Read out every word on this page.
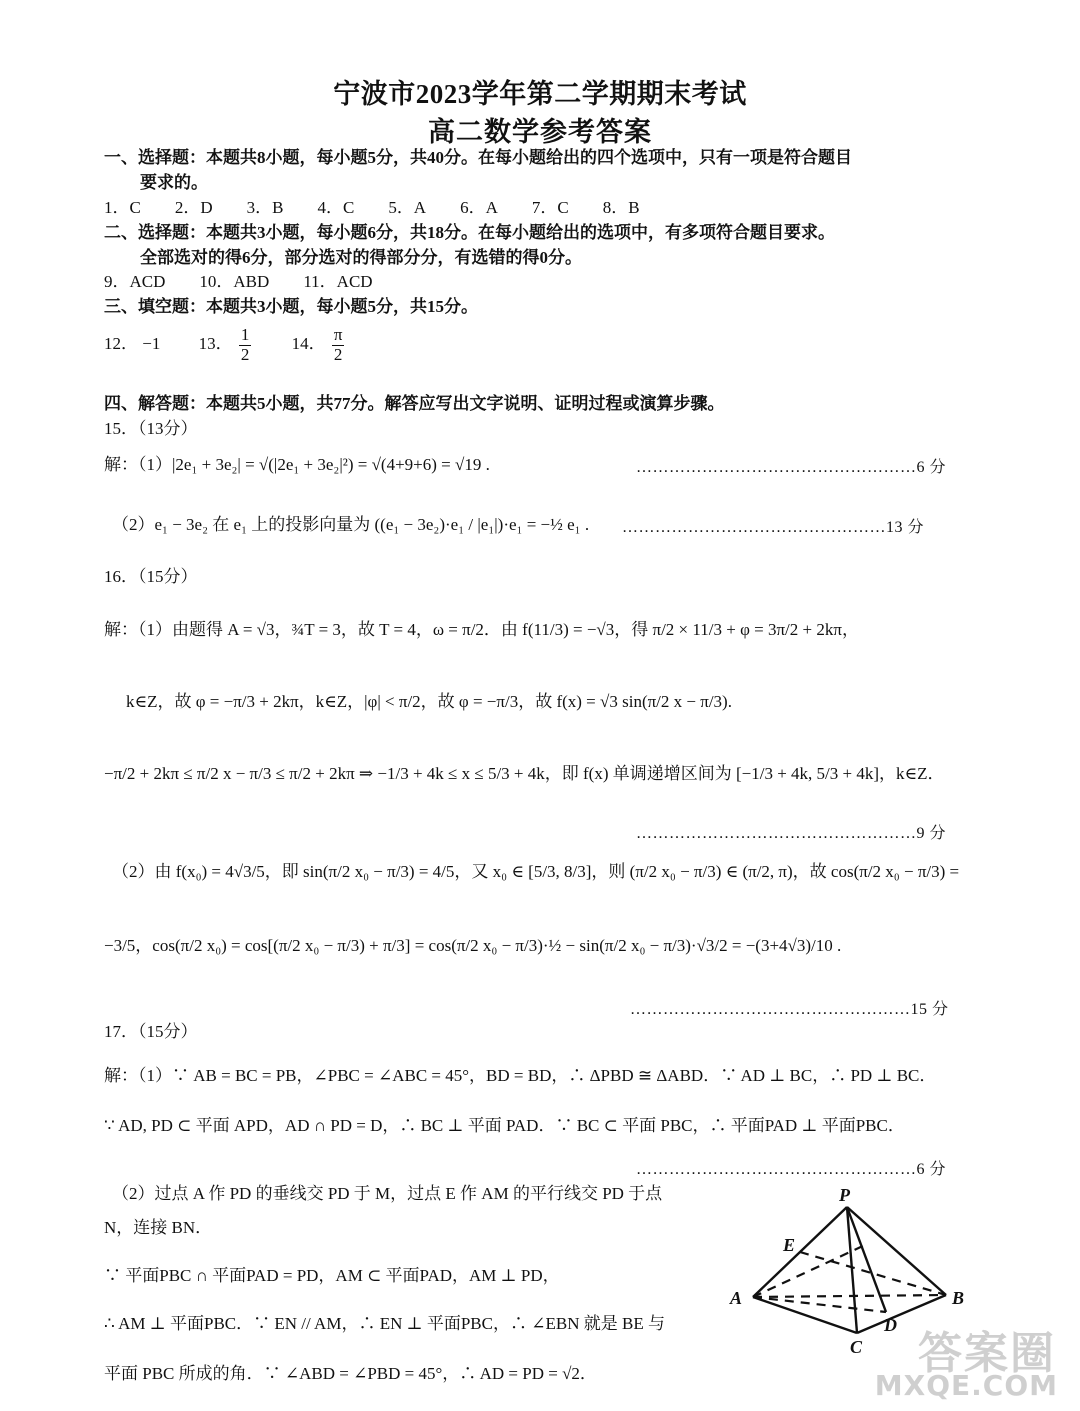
宁波市2023学年第二学期期末考试
高二数学参考答案
一、选择题：本题共8小题，每小题5分，共40分。在每小题给出的四个选项中，只有一项是符合题目
要求的。
1．C 2．D 3．B 4．C 5．A 6．A 7．C 8．B
二、选择题：本题共3小题，每小题6分，共18分。在每小题给出的选项中，有多项符合题目要求。
全部选对的得6分，部分选对的得部分分，有选错的得0分。
9．ACD 10．ABD 11．ACD
三、填空题：本题共3小题，每小题5分，共15分。
12． −1 13． $\frac{1}{2} 14$． $\frac{\pi}{2}$
四、解答题：本题共5小题，共77分。解答应写出文字说明、证明过程或演算步骤。
15．（13分）
解：（1）|2e₁ + 3e₂| = √(|2e₁ + 3e₂|²) = √(4+9+6) = √19 .	……………………………………………6 分
（2）e₁ − 3e₂ 在 e₁ 上的投影向量为 ((e₁ − 3e₂)·e₁ / |e₁|)·e₁ = −½ e₁ . …………………………………………13 分
16．（15分）
解：（1）由题得 A = √3，¾T = 3，故 T = 4，ω = π/2．由 f(11/3) = −√3，得 π/2 × 11/3 + φ = 3π/2 + 2kπ，
k∈Z，故 φ = −π/3 + 2kπ，k∈Z，|φ| < π/2，故 φ = −π/3，故 f(x) = √3 sin(π/2 x − π/3).
−π/2 + 2kπ ≤ π/2 x − π/3 ≤ π/2 + 2kπ ⇒ −1/3 + 4k ≤ x ≤ 5/3 + 4k，即 f(x) 单调递增区间为 [−1/3 + 4k, 5/3 + 4k]，k∈Z．
……………………………………………9 分
（2）由 f(x₀) = 4√3/5，即 sin(π/2 x₀ − π/3) = 4/5，又 x₀ ∈ [5/3, 8/3]，则 (π/2 x₀ − π/3) ∈ (π/2, π)，故 cos(π/2 x₀ − π/3) =
−3/5，cos(π/2 x₀) = cos[(π/2 x₀ − π/3) + π/3] = cos(π/2 x₀ − π/3)·½ − sin(π/2 x₀ − π/3)·√3/2 = −(3+4√3)/10 .
……………………………………………15 分
17．（15分）
解：（1）∵ AB = BC = PB，∠PBC = ∠ABC = 45°，BD = BD，∴ ΔPBD ≅ ΔABD．∵ AD ⊥ BC，∴ PD ⊥ BC．
∵ AD, PD ⊂ 平面 APD，AD ∩ PD = D，∴ BC ⊥ 平面 PAD．∵ BC ⊂ 平面 PBC，∴ 平面PAD ⊥ 平面PBC．
……………………………………………6 分
（2）过点 A 作 PD 的垂线交 PD 于 M，过点 E 作 AM 的平行线交 PD 于点
N，连接 BN．
∵ 平面PBC ∩ 平面PAD = PD，AM ⊂ 平面PAD，AM ⊥ PD，
∴ AM ⊥ 平面PBC．∵ EN // AM，∴ EN ⊥ 平面PBC，∴ ∠EBN 就是 BE 与
平面 PBC 所成的角．∵ ∠ABD = ∠PBD = 45°，∴ AD = PD = √2．
P
E
A	B
C
D
答案圈
MXQE.COM
